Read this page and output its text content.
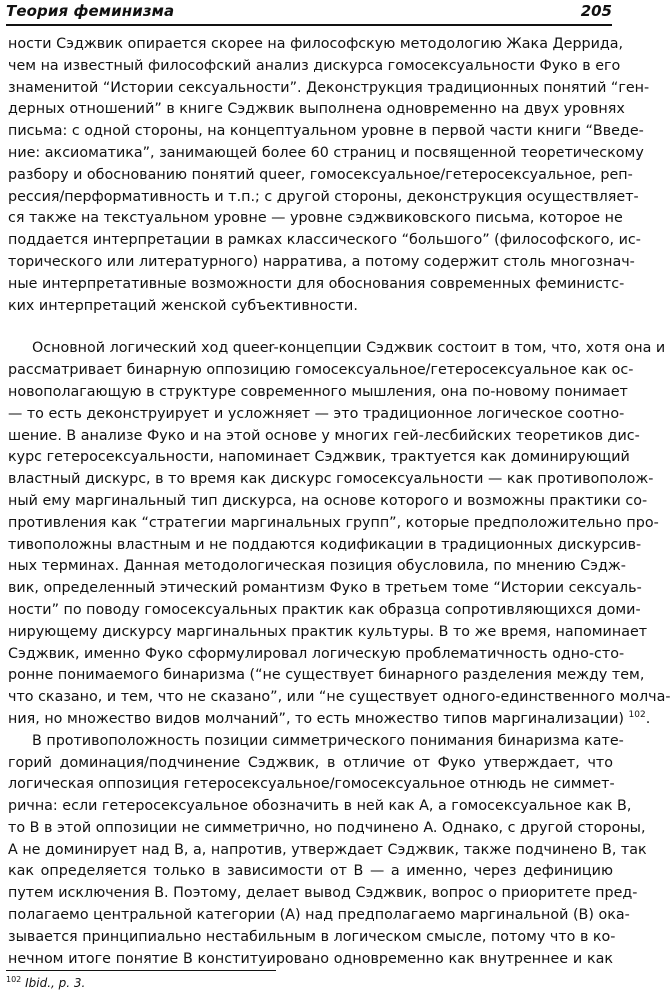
Теория феминизма	205

ности Сэджвик опирается скорее на философскую методологию Жака Деррида,
чем на известный философский анализ дискурса гомосексуальности Фуко в его
знаменитой “Истории сексуальности”. Деконструкция традиционных понятий “ген-
дерных отношений” в книге Сэджвик выполнена одновременно на двух уровнях
письма: с одной стороны, на концептуальном уровне в первой части книги “Введе-
ние: аксиоматика”, занимающей более 60 страниц и посвященной теоретическому
разбору и обоснованию понятий queer, гомосексуальное/гетеросексуальное, реп-
рессия/перформативность и т.п.; с другой стороны, деконструкция осуществляет-
ся также на текстуальном уровне — уровне сэджвиковского письма, которое не
поддается интерпретации в рамках классического “большого” (философского, ис-
торического или литературного) нарратива, а потому содержит столь многознач-
ные интерпретативные возможности для обоснования современных феминистс-
ких интерпретаций женской субъективности.

Основной логический ход queer-концепции Сэджвик состоит в том, что, хотя она и
рассматривает бинарную оппозицию гомосексуальное/гетеросексуальное как ос-
новополагающую в структуре современного мышления, она по-новому понимает
— то есть деконструирует и усложняет — это традиционное логическое соотно-
шение. В анализе Фуко и на этой основе у многих гей-лесбийских теоретиков дис-
курс гетеросексуальности, напоминает Сэджвик, трактуется как доминирующий
властный дискурс, в то время как дискурс гомосексуальности — как противополож-
ный ему маргинальный тип дискурса, на основе которого и возможны практики со-
противления как “стратегии маргинальных групп”, которые предположительно про-
тивоположны властным и не поддаются кодификации в традиционных дискурсив-
ных терминах. Данная методологическая позиция обусловила, по мнению Сэдж-
вик, определенный этический романтизм Фуко в третьем томе “Истории сексуаль-
ности” по поводу гомосексуальных практик как образца сопротивляющихся доми-
нирующему дискурсу маргинальных практик культуры. В то же время, напоминает
Сэджвик, именно Фуко сформулировал логическую проблематичность одно-сто-
ронне понимаемого бинаризма (“не существует бинарного разделения между тем,
что сказано, и тем, что не сказано”, или “не существует одного-единственного молча-
ния, но множество видов молчаний”, то есть множество типов маргинализации) $^{102}$.

В противоположность позиции симметрического понимания бинаризма кате-
горий доминация/подчинение Сэджвик, в отличие от Фуко утверждает, что
логическая оппозиция гетеросексуальное/гомосексуальное отнюдь не симмет-
рична: если гетеросексуальное обозначить в ней как A, а гомосексуальное как B,
то B в этой оппозиции не симметрично, но подчинено A. Однако, с другой стороны,
A не доминирует над B, а, напротив, утверждает Сэджвик, также подчинено B, так
как определяется только в зависимости от B — а именно, через дефиницию
путем исключения B. Поэтому, делает вывод Сэджвик, вопрос о приоритете пред-
полагаемо центральной категории (A) над предполагаемо маргинальной (B) ока-
зывается принципиально нестабильным в логическом смысле, потому что в ко-
нечном итоге понятие B конституировано одновременно как внутреннее и как

$^{102}$ Ibid., p. 3.
